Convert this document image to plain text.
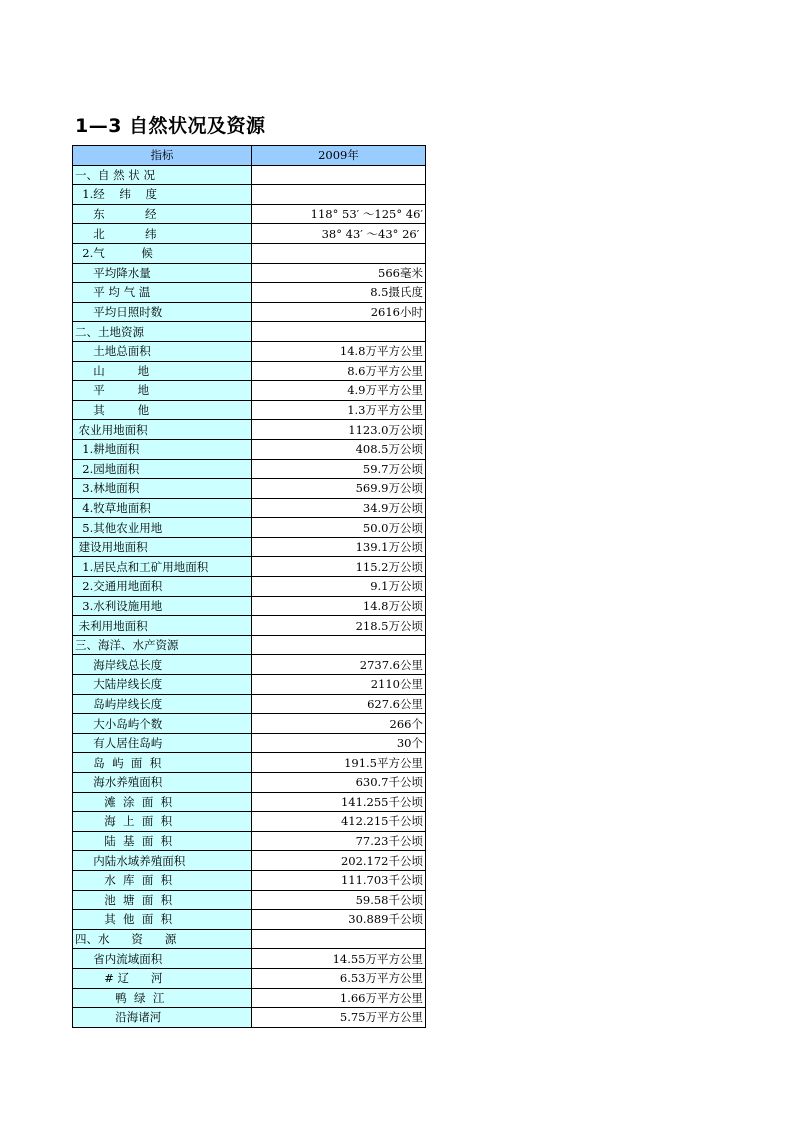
1—3 自然状况及资源
指标	2009年
一、自 然 状 况	
1.经    纬    度	
东           经	118° 53′ ～125° 46′
北           纬	38° 43′ ～43° 26′
2.气          候	
平均降水量	566毫米
平 均 气 温	8.5摄氏度
平均日照时数	2616小时
二、土地资源	
土地总面积	14.8万平方公里
山         地	8.6万平方公里
平         地	4.9万平方公里
其         他	1.3万平方公里
农业用地面积	1123.0万公顷
1.耕地面积	408.5万公顷
2.园地面积	59.7万公顷
3.林地面积	569.9万公顷
4.牧草地面积	34.9万公顷
5.其他农业用地	50.0万公顷
建设用地面积	139.1万公顷
1.居民点和工矿用地面积	115.2万公顷
2.交通用地面积	9.1万公顷
3.水利设施用地	14.8万公顷
未利用地面积	218.5万公顷
三、海洋、水产资源	
海岸线总长度	2737.6公里
大陆岸线长度	2110公里
岛屿岸线长度	627.6公里
大小岛屿个数	266个
有人居住岛屿	30个
岛  屿  面  积	191.5平方公里
海水养殖面积	630.7千公顷
滩  涂  面  积	141.255千公顷
海  上  面  积	412.215千公顷
陆  基  面  积	77.23千公顷
内陆水域养殖面积	202.172千公顷
水  库  面  积	111.703千公顷
池  塘  面  积	59.58千公顷
其  他  面  积	30.889千公顷
四、水      资      源	
省内流域面积	14.55万平方公里
# 辽      河	6.53万平方公里
鸭  绿  江	1.66万平方公里
沿海诸河	5.75万平方公里
